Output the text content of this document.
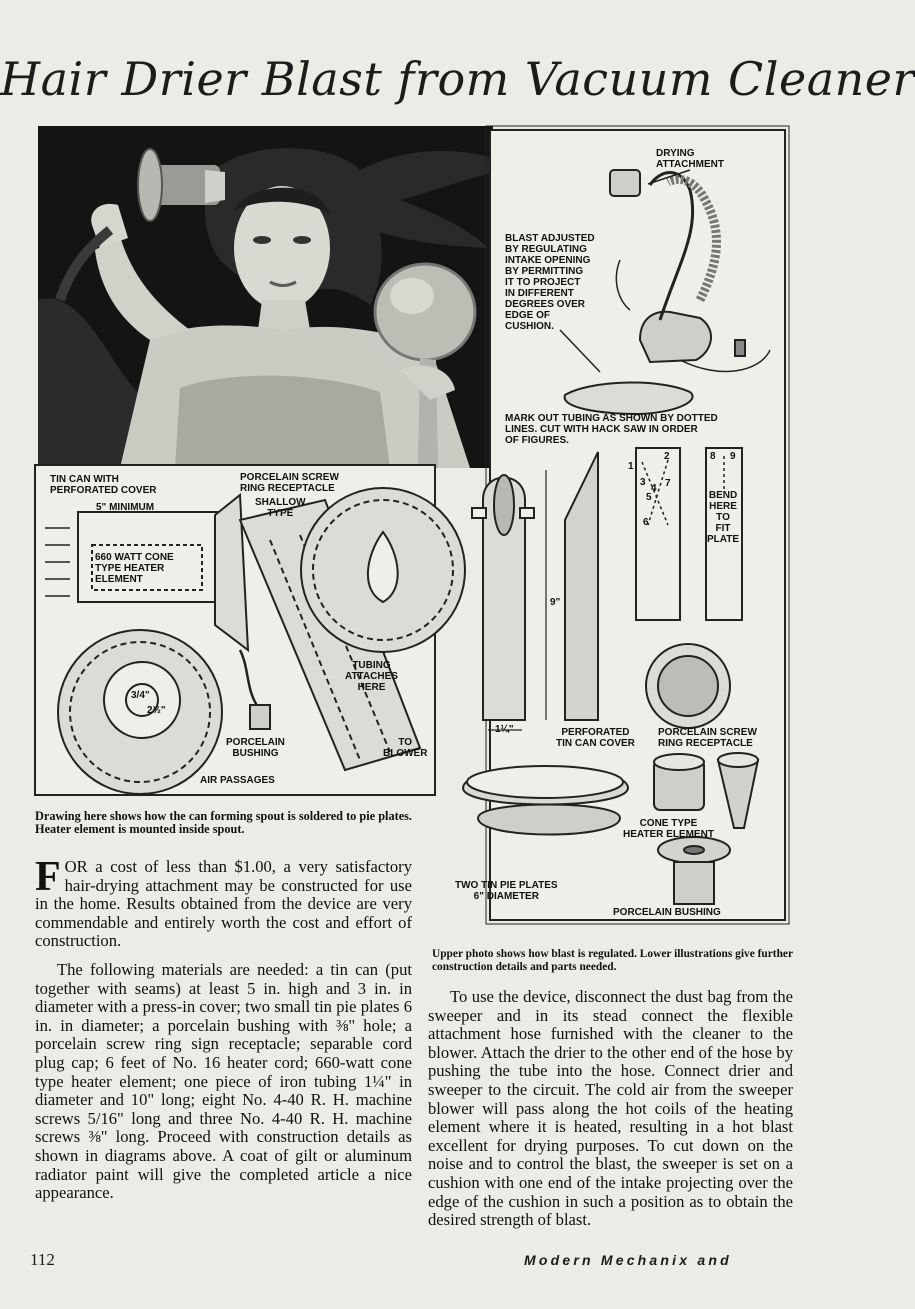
Hair Drier Blast from Vacuum Cleaner
DRYING
ATTACHMENT
BLAST ADJUSTED
BY REGULATING
INTAKE OPENING
BY PERMITTING
IT TO PROJECT
IN DIFFERENT
DEGREES OVER
EDGE OF
CUSHION.
TIN CAN WITH
PERFORATED COVER
5" MINIMUM
PORCELAIN SCREW
RING RECEPTACLE
SHALLOW
TYPE
660 WATT CONE
TYPE HEATER
ELEMENT
TUBING
ATTACHES
HERE
PORCELAIN
BUSHING
TO
BLOWER
AIR PASSAGES
3/4"
2½"
MARK OUT TUBING AS SHOWN BY DOTTED
LINES. CUT WITH HACK SAW IN ORDER
OF FIGURES.
BEND
HERE
TO
FIT
PLATE
9"
1¼"
1
2
3
4
5
6
7
8 9
PERFORATED
TIN CAN COVER
PORCELAIN SCREW
RING RECEPTACLE
CONE TYPE
HEATER ELEMENT
TWO TIN PIE PLATES
6" DIAMETER
PORCELAIN BUSHING
Drawing here shows how the can forming spout is soldered to pie plates. Heater element is mounted inside spout.
Upper photo shows how blast is regulated. Lower illustrations give further construction details and parts needed.

FOR a cost of less than $1.00, a very satisfactory hair-drying attachment may be constructed for use in the home. Results obtained from the device are very commendable and entirely worth the cost and effort of construction.

The following materials are needed: a tin can (put together with seams) at least 5 in. high and 3 in. in diameter with a press-in cover; two small tin pie plates 6 in. in diameter; a porcelain bushing with ⅜" hole; a porcelain screw ring sign receptacle; separable cord plug cap; 6 feet of No. 16 heater cord; 660-watt cone type heater element; one piece of iron tubing 1¼" in diameter and 10" long; eight No. 4-40 R. H. machine screws 5/16" long and three No. 4-40 R. H. machine screws ⅜" long. Proceed with construction details as shown in diagrams above. A coat of gilt or aluminum radiator paint will give the completed article a nice appearance.

To use the device, disconnect the dust bag from the sweeper and in its stead connect the flexible attachment hose furnished with the cleaner to the blower. Attach the drier to the other end of the hose by pushing the tube into the hose. Connect drier and sweeper to the circuit. The cold air from the sweeper blower will pass along the hot coils of the heating element where it is heated, resulting in a hot blast excellent for drying purposes. To cut down on the noise and to control the blast, the sweeper is set on a cushion with one end of the intake projecting over the edge of the cushion in such a position as to obtain the desired strength of blast.

112	Modern Mechanix and
